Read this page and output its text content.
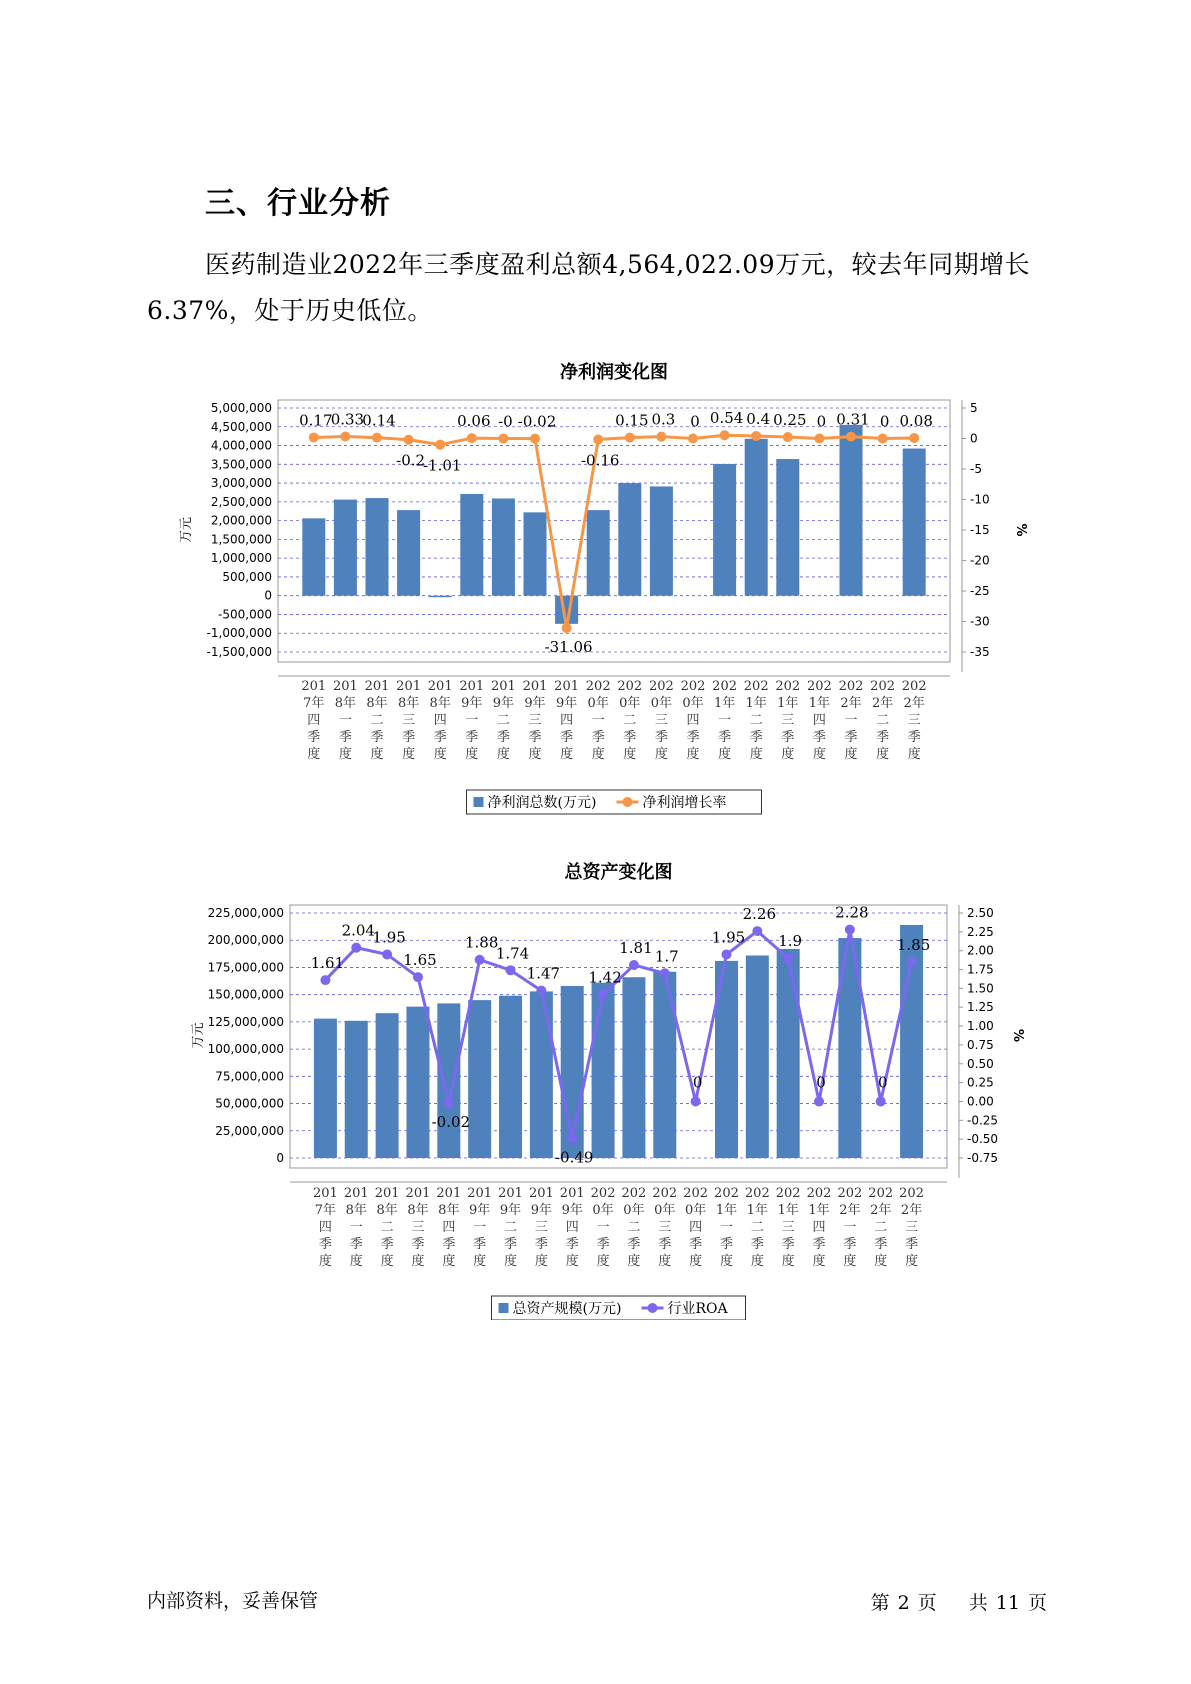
三、行业分析
医药制造业2022年三季度盈利总额4,564,022.09万元，较去年同期增长6.37%，处于历史低位。
净利润变化图
5,000,000
4,500,000
4,000,000
3,500,000
3,000,000
2,500,000
2,000,000
1,500,000
1,000,000
500,000
0
-500,000
-1,000,000
-1,500,000
5
0
-5
-10
-15
-20
-25
-30
-35
万元	%
0.17
0.33
0.14
-0.2
-1.01
0.06 -0 -0.02
-31.06
-0.16
0.15 0.3 0 0.54 0.4 0.25 0 0.31 0 0.08
201
7年
四
季
度
201
8年
一
季
度
201
8年
二
季
度
201
8年
三
季
度
201
8年
四
季
度
201
9年
一
季
度
201
9年
二
季
度
201
9年
三
季
度
201
9年
四
季
度
202
0年
一
季
度
202
0年
二
季
度
202
0年
三
季
度
202
0年
四
季
度
202
1年
一
季
度
202
1年
二
季
度
202
1年
三
季
度
202
1年
四
季
度
202
2年
一
季
度
202
2年
二
季
度
202
2年
三
季
度
净利润总数(万元)	净利润增长率
总资产变化图
225,000,000
200,000,000
175,000,000
150,000,000
125,000,000
100,000,000
75,000,000
50,000,000
25,000,000
0
2.50
2.25
2.00
1.75
1.50
1.25
1.00
0.75
0.50
0.25
0.00
-0.25
-0.50
-0.75
万元	%
1.61
2.04
1.95
1.65
-0.02
1.88
1.74
1.47
-0.49
1.42
1.81 1.7
0
1.95
2.26
1.9
0
2.28
0
1.85
201
7年
四
季
度
201
8年
一
季
度
201
8年
二
季
度
201
8年
三
季
度
201
8年
四
季
度
201
9年
一
季
度
201
9年
二
季
度
201
9年
三
季
度
201
9年
四
季
度
202
0年
一
季
度
202
0年
二
季
度
202
0年
三
季
度
202
0年
四
季
度
202
1年
一
季
度
202
1年
二
季
度
202
1年
三
季
度
202
1年
四
季
度
202
2年
一
季
度
202
2年
二
季
度
202
2年
三
季
度
总资产规模(万元)	行业ROA
内部资料，妥善保管	第 2 页 共 11 页
